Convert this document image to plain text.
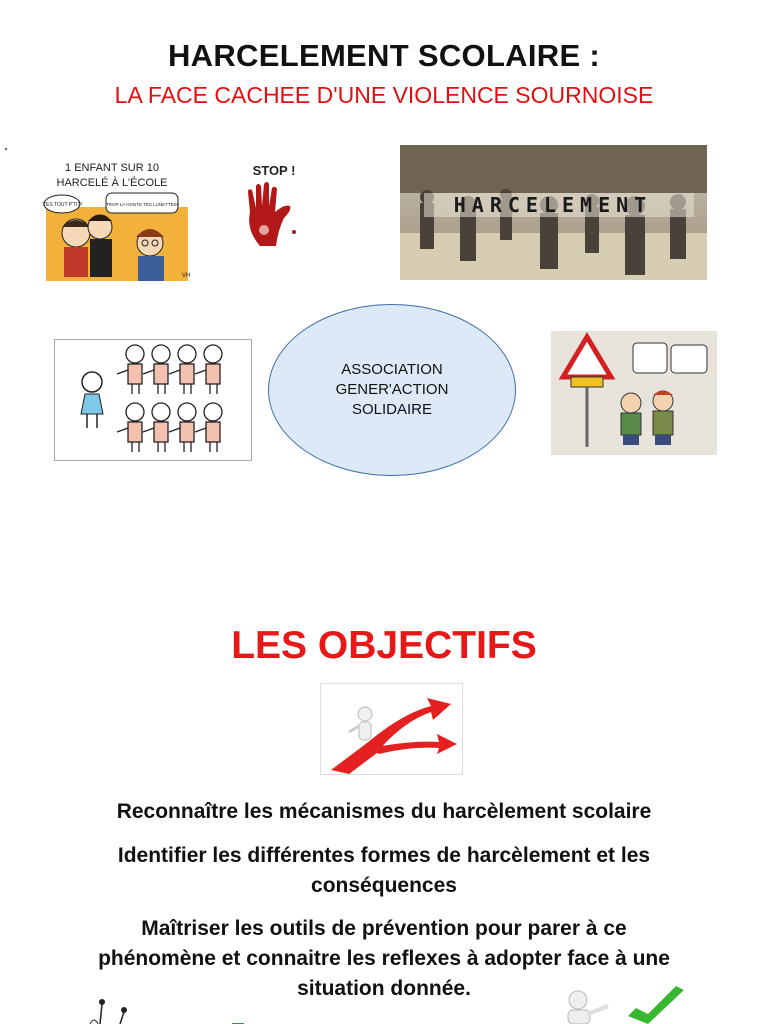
HARCELEMENT SCOLAIRE :
LA FACE CACHEE D'UNE VIOLENCE SOURNOISE
1 ENFANT SUR 10
HARCELÉ À L'ÉCOLE
T'ES TOUT P'TIT!	TROP LA HONTE TES LUNETTES!
VH
STOP !
HARCELEMENT
ASSOCIATION
GENER'ACTION
SOLIDAIRE
LES OBJECTIFS
Reconnaître les mécanismes du harcèlement scolaire
Identifier les différentes formes de harcèlement et les
conséquences
Maîtriser les outils de prévention pour parer à ce
phénomène et connaitre les reflexes à adopter face à une
situation donnée.
